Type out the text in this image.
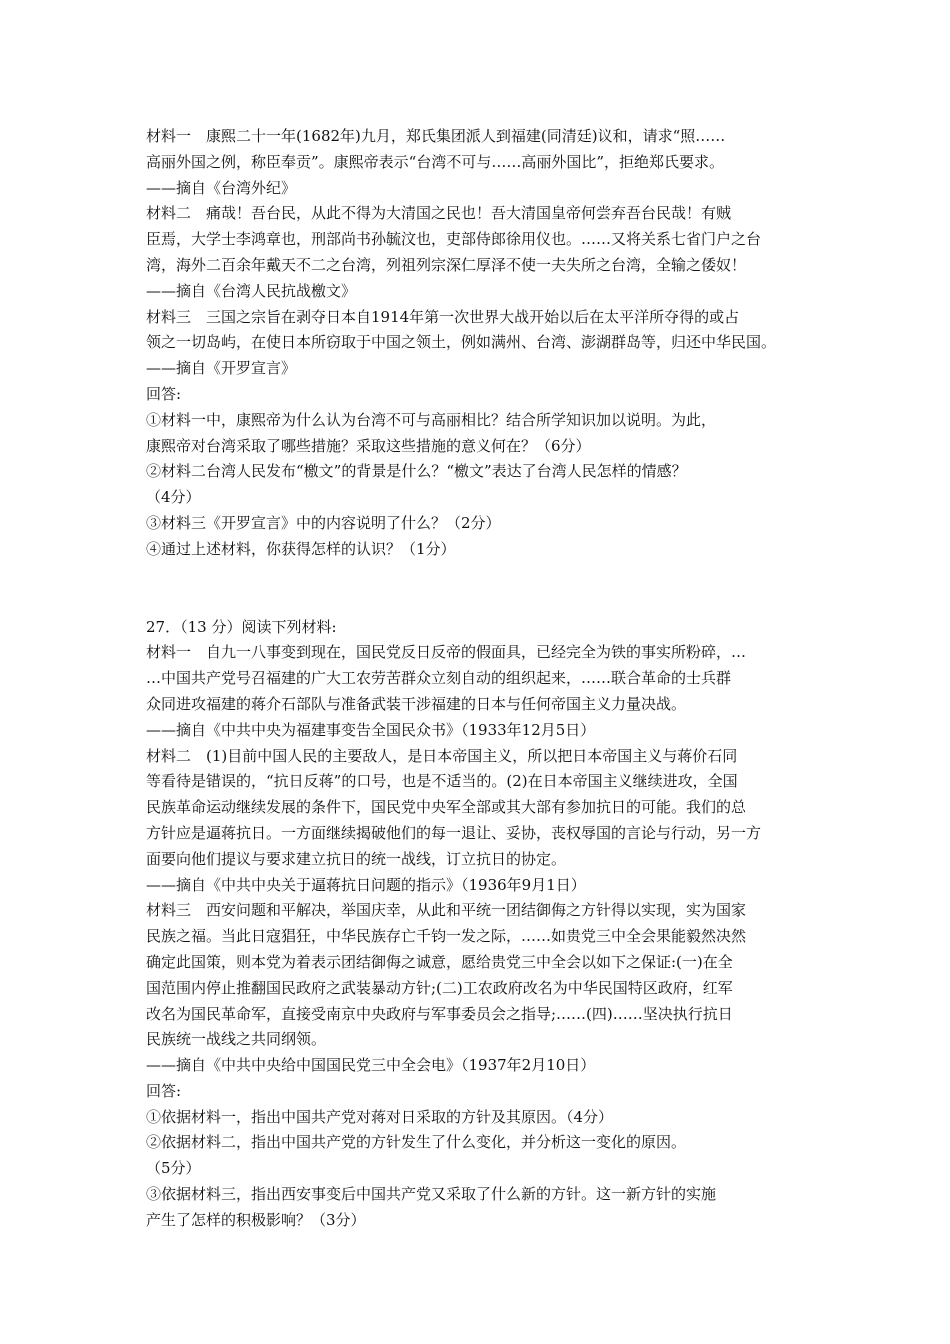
材料一　康熙二十一年(1682年)九月，郑氏集团派人到福建(同清廷)议和，请求“照……
高丽外国之例，称臣奉贡”。康熙帝表示“台湾不可与……高丽外国比”，拒绝郑氏要求。
——摘自《台湾外纪》
材料二　痛哉！吾台民，从此不得为大清国之民也！吾大清国皇帝何尝弃吾台民哉！有贼
臣焉，大学士李鸿章也，刑部尚书孙毓汶也，吏部侍郎徐用仪也。……又将关系七省门户之台
湾，海外二百余年戴天不二之台湾，列祖列宗深仁厚泽不使一夫失所之台湾，全输之倭奴！
——摘自《台湾人民抗战檄文》
材料三　三国之宗旨在剥夺日本自1914年第一次世界大战开始以后在太平洋所夺得的或占
领之一切岛屿，在使日本所窃取于中国之领土，例如满州、台湾、澎湖群岛等，归还中华民国。
——摘自《开罗宣言》
回答:
①材料一中，康熙帝为什么认为台湾不可与高丽相比？结合所学知识加以说明。为此，
康熙帝对台湾采取了哪些措施？采取这些措施的意义何在？（6分）
②材料二台湾人民发布“檄文”的背景是什么？“檄文”表达了台湾人民怎样的情感？
（4分）
③材料三《开罗宣言》中的内容说明了什么？（2分）
④通过上述材料，你获得怎样的认识？（1分）
27．（13 分）阅读下列材料:
材料一　自九一八事变到现在，国民党反日反帝的假面具，已经完全为铁的事实所粉碎，…
…中国共产党号召福建的广大工农劳苦群众立刻自动的组织起来，……联合革命的士兵群
众同进攻福建的蒋介石部队与准备武装干涉福建的日本与任何帝国主义力量决战。
——摘自《中共中央为福建事变告全国民众书》（1933年12月5日）
材料二　(1)目前中国人民的主要敌人，是日本帝国主义，所以把日本帝国主义与蒋价石同
等看待是错误的，“抗日反蒋”的口号，也是不适当的。(2)在日本帝国主义继续进攻，全国
民族革命运动继续发展的条件下，国民党中央军全部或其大部有参加抗日的可能。我们的总
方针应是逼蒋抗日。一方面继续揭破他们的每一退让、妥协，丧权辱国的言论与行动，另一方
面要向他们提议与要求建立抗日的统一战线，订立抗日的协定。
——摘自《中共中央关于逼蒋抗日问题的指示》（1936年9月1日）
材料三　西安问题和平解决，举国庆幸，从此和平统一团结御侮之方针得以实现，实为国家
民族之福。当此日寇猖狂，中华民族存亡千钧一发之际，……如贵党三中全会果能毅然决然
确定此国策，则本党为着表示团结御侮之诚意，愿给贵党三中全会以如下之保证:(一)在全
国范围内停止推翻国民政府之武装暴动方针;(二)工农政府改名为中华民国特区政府，红军
改名为国民革命军，直接受南京中央政府与军事委员会之指导;……(四)……坚决执行抗日
民族统一战线之共同纲领。
——摘自《中共中央给中国国民党三中全会电》（1937年2月10日）
回答:
①依据材料一，指出中国共产党对蒋对日采取的方针及其原因。（4分）
②依据材料二，指出中国共产党的方针发生了什么变化，并分析这一变化的原因。
（5分）
③依据材料三，指出西安事变后中国共产党又采取了什么新的方针。这一新方针的实施
产生了怎样的积极影响？（3分）
